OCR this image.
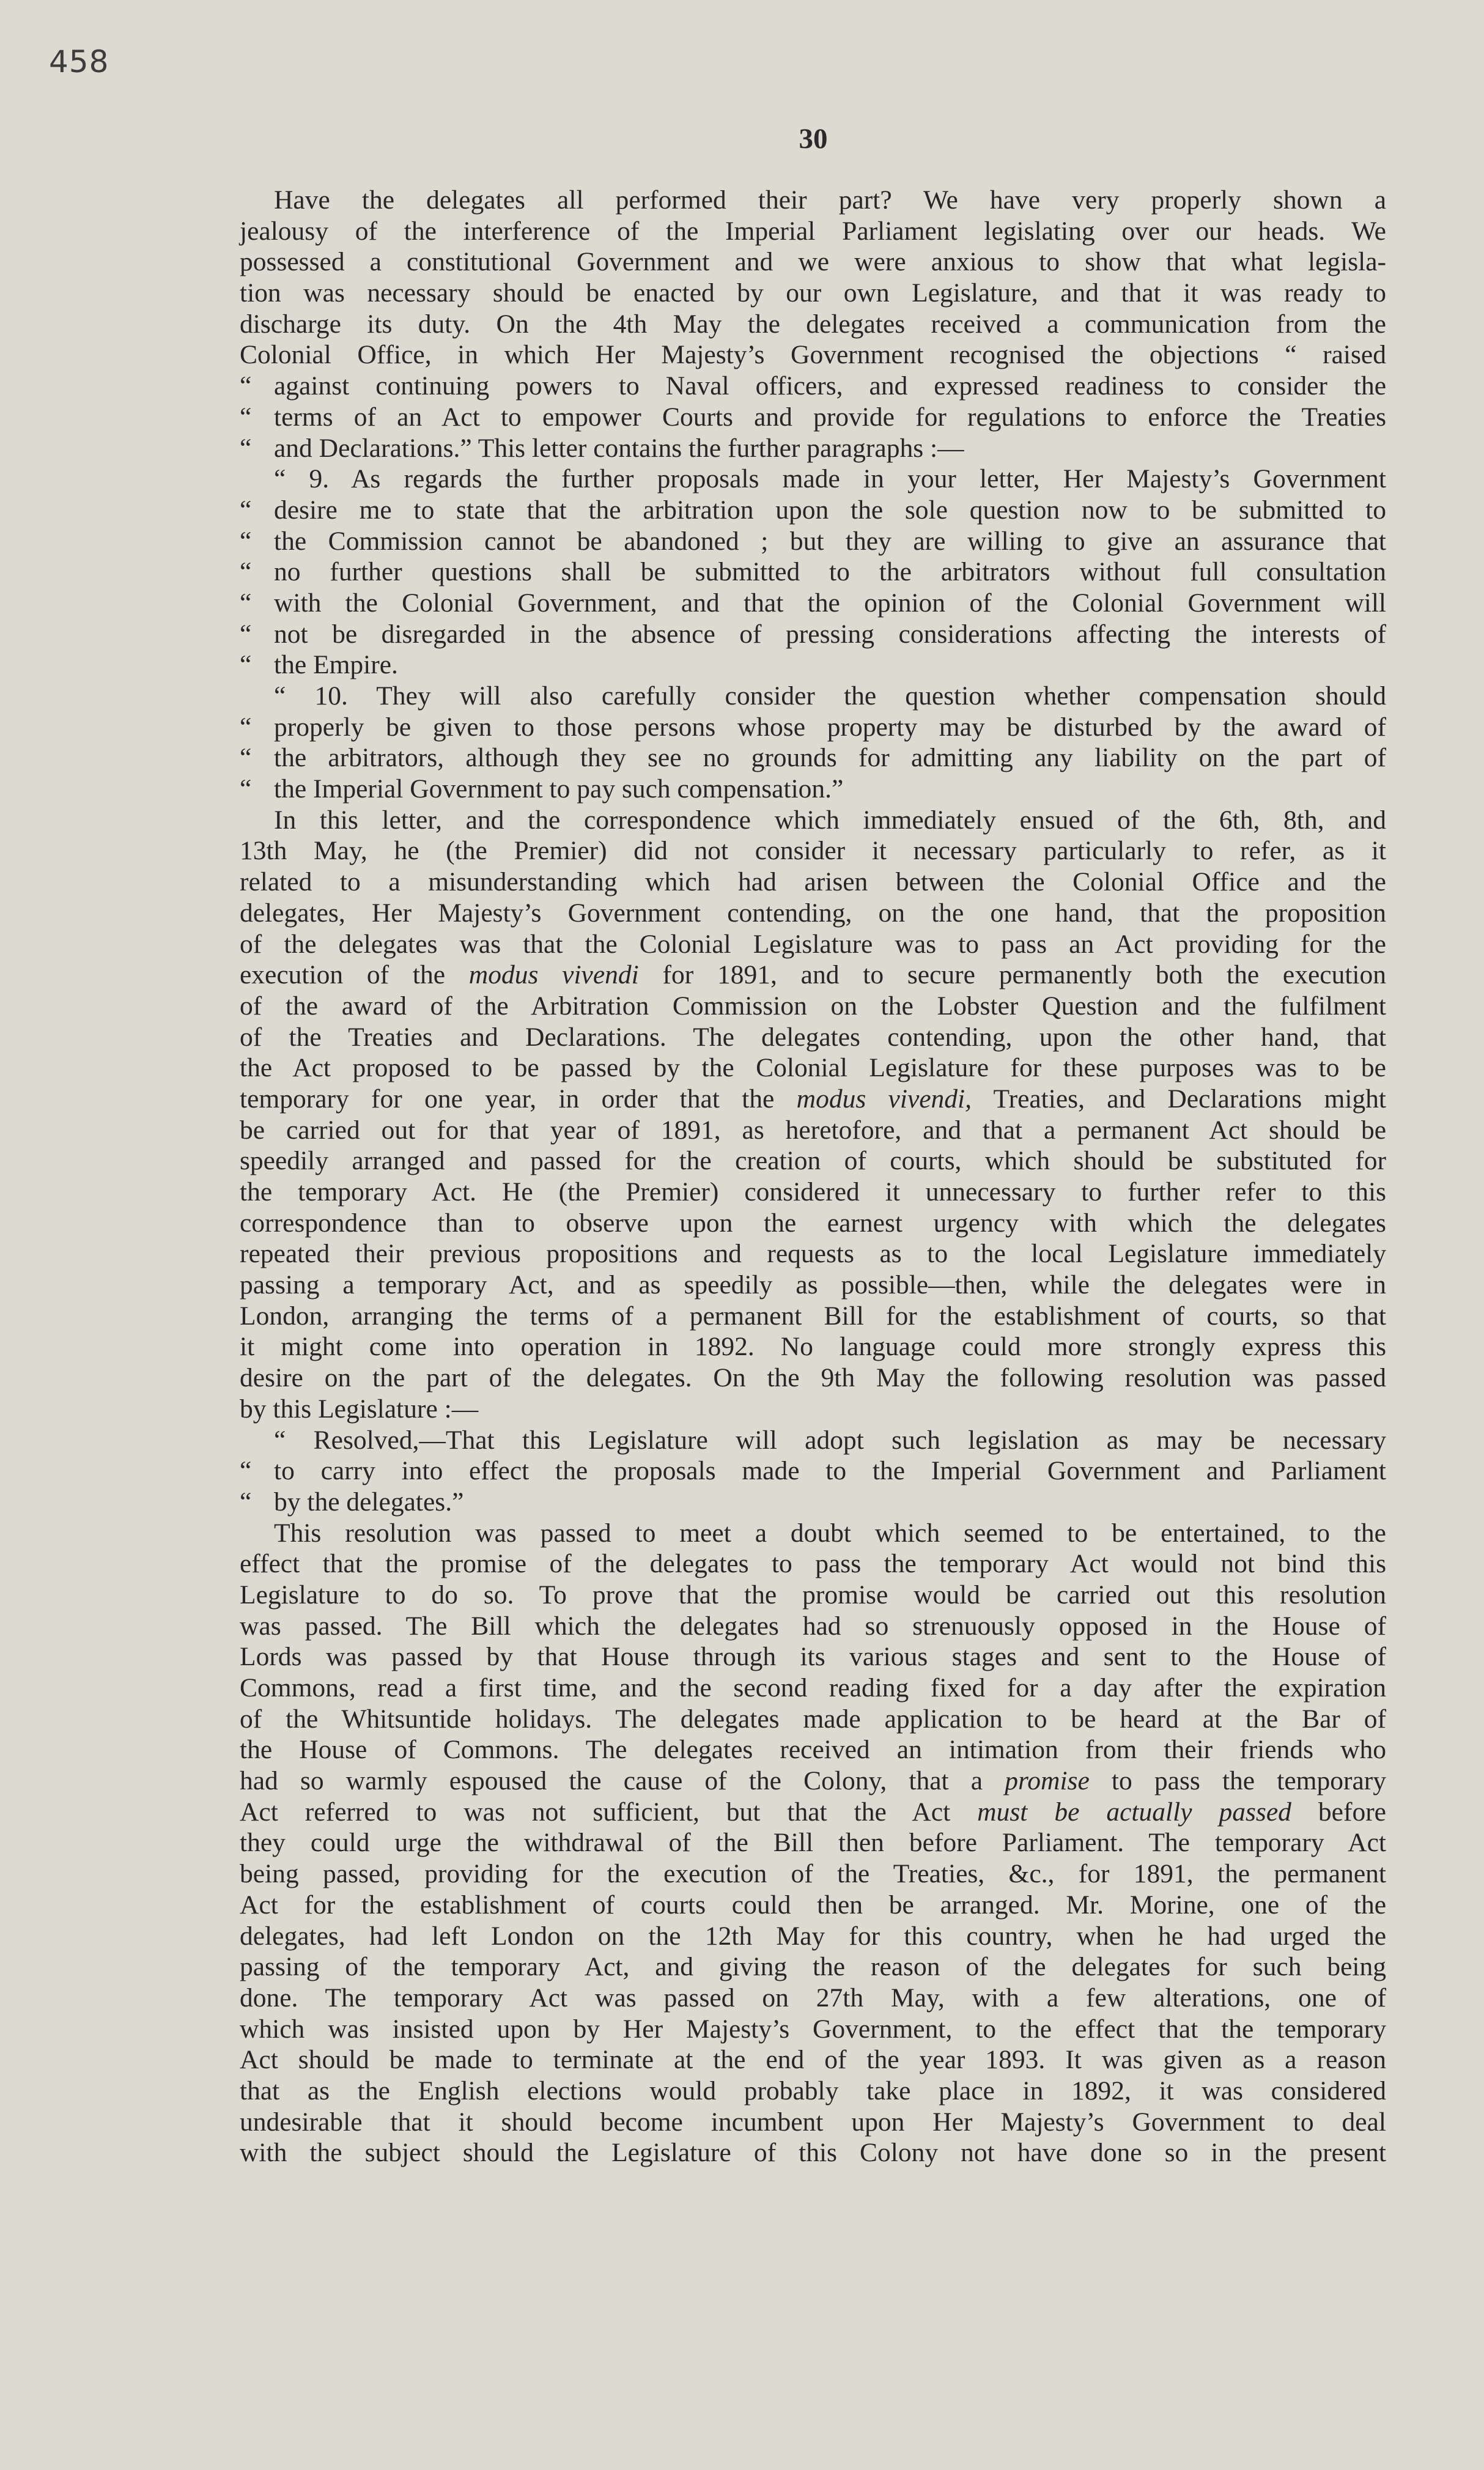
458
30
Have the delegates all performed their part? We have very properly shown a
jealousy of the interference of the Imperial Parliament legislating over our heads. We
possessed a constitutional Government and we were anxious to show that what legisla-
tion was necessary should be enacted by our own Legislature, and that it was ready to
discharge its duty. On the 4th May the delegates received a communication from the
Colonial Office, in which Her Majesty’s Government recognised the objections “ raised
“ against continuing powers to Naval officers, and expressed readiness to consider the
“ terms of an Act to empower Courts and provide for regulations to enforce the Treaties
“ and Declarations.” This letter contains the further paragraphs :—
“ 9. As regards the further proposals made in your letter, Her Majesty’s Government
“ desire me to state that the arbitration upon the sole question now to be submitted to
“ the Commission cannot be abandoned ; but they are willing to give an assurance that
“ no further questions shall be submitted to the arbitrators without full consultation
“ with the Colonial Government, and that the opinion of the Colonial Government will
“ not be disregarded in the absence of pressing considerations affecting the interests of
“ the Empire.
“ 10. They will also carefully consider the question whether compensation should
“ properly be given to those persons whose property may be disturbed by the award of
“ the arbitrators, although they see no grounds for admitting any liability on the part of
“ the Imperial Government to pay such compensation.”
In this letter, and the correspondence which immediately ensued of the 6th, 8th, and
13th May, he (the Premier) did not consider it necessary particularly to refer, as it
related to a misunderstanding which had arisen between the Colonial Office and the
delegates, Her Majesty’s Government contending, on the one hand, that the proposition
of the delegates was that the Colonial Legislature was to pass an Act providing for the
execution of the modus vivendi for 1891, and to secure permanently both the execution
of the award of the Arbitration Commission on the Lobster Question and the fulfilment
of the Treaties and Declarations. The delegates contending, upon the other hand, that
the Act proposed to be passed by the Colonial Legislature for these purposes was to be
temporary for one year, in order that the modus vivendi, Treaties, and Declarations might
be carried out for that year of 1891, as heretofore, and that a permanent Act should be
speedily arranged and passed for the creation of courts, which should be substituted for
the temporary Act. He (the Premier) considered it unnecessary to further refer to this
correspondence than to observe upon the earnest urgency with which the delegates
repeated their previous propositions and requests as to the local Legislature immediately
passing a temporary Act, and as speedily as possible—then, while the delegates were in
London, arranging the terms of a permanent Bill for the establishment of courts, so that
it might come into operation in 1892. No language could more strongly express this
desire on the part of the delegates. On the 9th May the following resolution was passed
by this Legislature :—
“ Resolved,—That this Legislature will adopt such legislation as may be necessary
“ to carry into effect the proposals made to the Imperial Government and Parliament
“ by the delegates.”
This resolution was passed to meet a doubt which seemed to be entertained, to the
effect that the promise of the delegates to pass the temporary Act would not bind this
Legislature to do so. To prove that the promise would be carried out this resolution
was passed. The Bill which the delegates had so strenuously opposed in the House of
Lords was passed by that House through its various stages and sent to the House of
Commons, read a first time, and the second reading fixed for a day after the expiration
of the Whitsuntide holidays. The delegates made application to be heard at the Bar of
the House of Commons. The delegates received an intimation from their friends who
had so warmly espoused the cause of the Colony, that a promise to pass the temporary
Act referred to was not sufficient, but that the Act must be actually passed before
they could urge the withdrawal of the Bill then before Parliament. The temporary Act
being passed, providing for the execution of the Treaties, &c., for 1891, the permanent
Act for the establishment of courts could then be arranged. Mr. Morine, one of the
delegates, had left London on the 12th May for this country, when he had urged the
passing of the temporary Act, and giving the reason of the delegates for such being
done. The temporary Act was passed on 27th May, with a few alterations, one of
which was insisted upon by Her Majesty’s Government, to the effect that the temporary
Act should be made to terminate at the end of the year 1893. It was given as a reason
that as the English elections would probably take place in 1892, it was considered
undesirable that it should become incumbent upon Her Majesty’s Government to deal
with the subject should the Legislature of this Colony not have done so in the present
